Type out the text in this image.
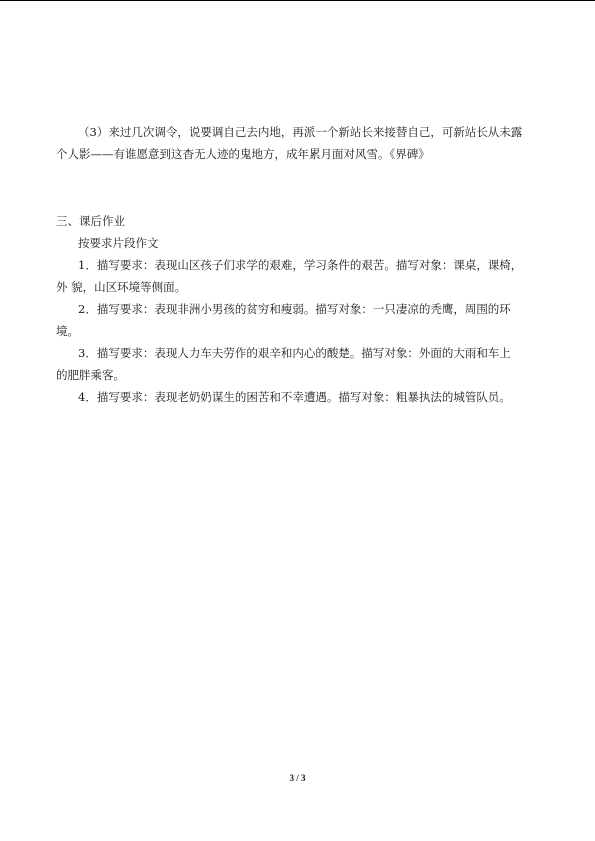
（3）来过几次调令，说要调自己去内地，再派一个新站长来接替自己，可新站长从未露
个人影——有谁愿意到这杳无人迹的鬼地方，成年累月面对风雪。《界碑》
三、课后作业
按要求片段作文
1．描写要求：表现山区孩子们求学的艰难，学习条件的艰苦。描写对象：课桌，课椅，
外 貌，山区环境等侧面。
2．描写要求：表现非洲小男孩的贫穷和瘦弱。描写对象：一只凄凉的秃鹰，周围的环
境。
3．描写要求：表现人力车夫劳作的艰辛和内心的酸楚。描写对象：外面的大雨和车上
的肥胖乘客。
4．描写要求：表现老奶奶谋生的困苦和不幸遭遇。描写对象：粗暴执法的城管队员。
3 / 3
